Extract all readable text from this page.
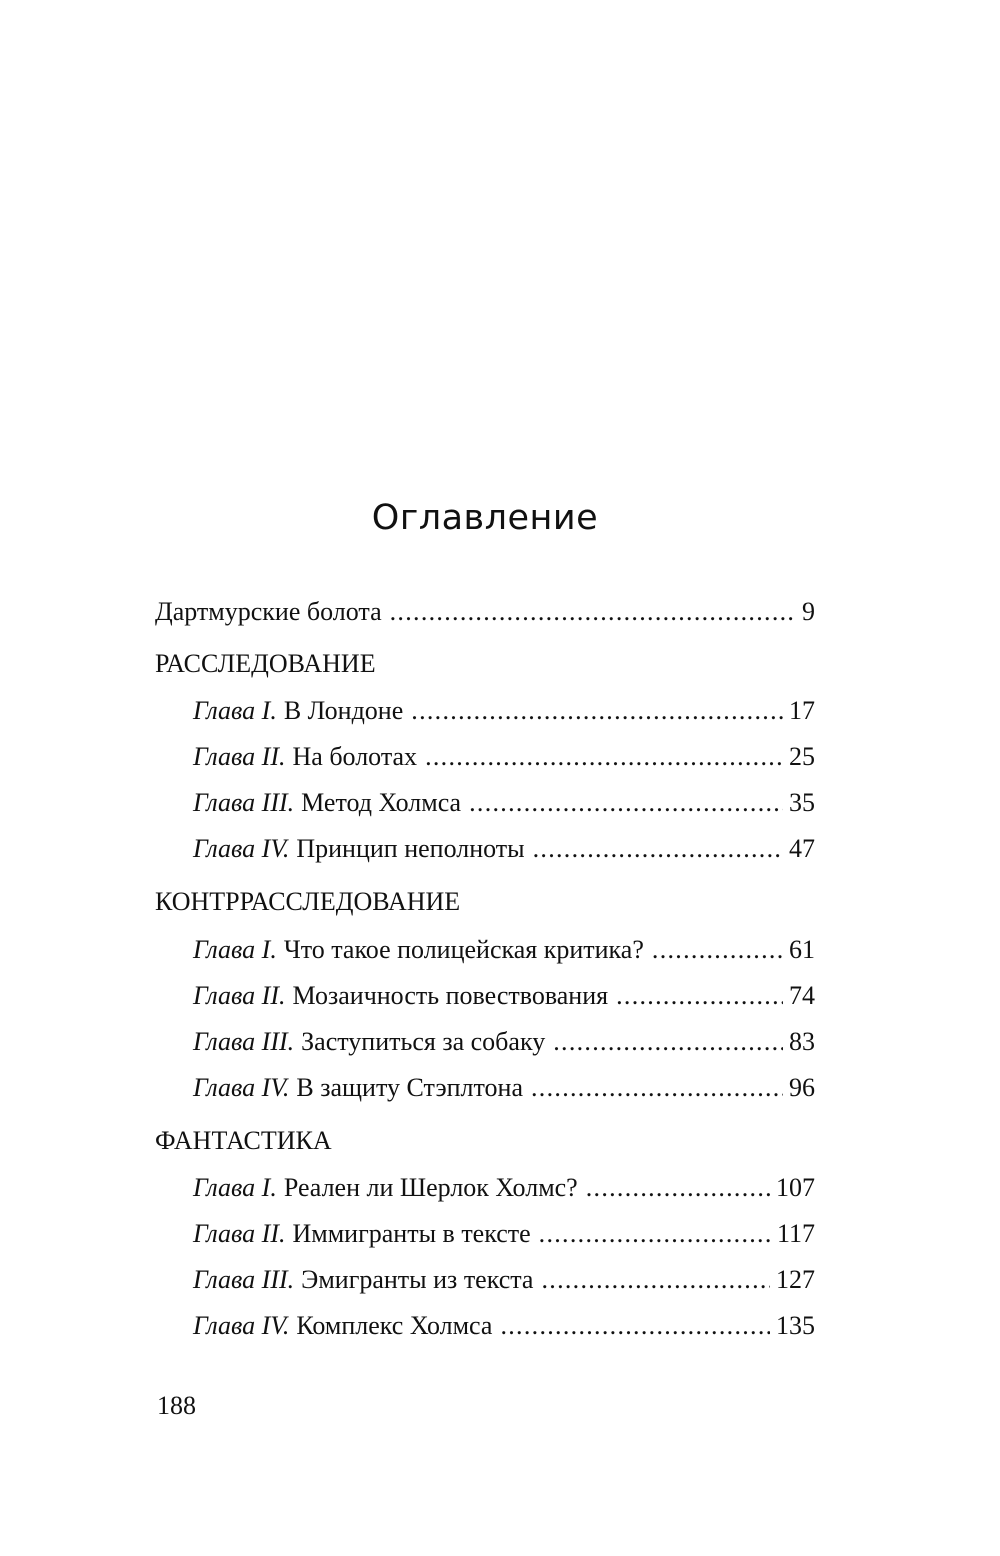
Оглавление
Дартмурские болота . . .	9
РАССЛЕДОВАНИЕ
Глава I. В Лондоне . . .	17
Глава II. На болотах . . .	25
Глава III. Метод Холмса . . .	35
Глава IV. Принцип неполноты . . .	47
КОНТРРАССЛЕДОВАНИЕ
Глава I. Что такое полицейская критика? . . .	61
Глава II. Мозаичность повествования . . .	74
Глава III. Заступиться за собаку . . .	83
Глава IV. В защиту Стэплтона . . .	96
ФАНТАСТИКА
Глава I. Реален ли Шерлок Холмс? . . .	107
Глава II. Иммигранты в тексте . . .	117
Глава III. Эмигранты из текста . . .	127
Глава IV. Комплекс Холмса . . .	135
188
